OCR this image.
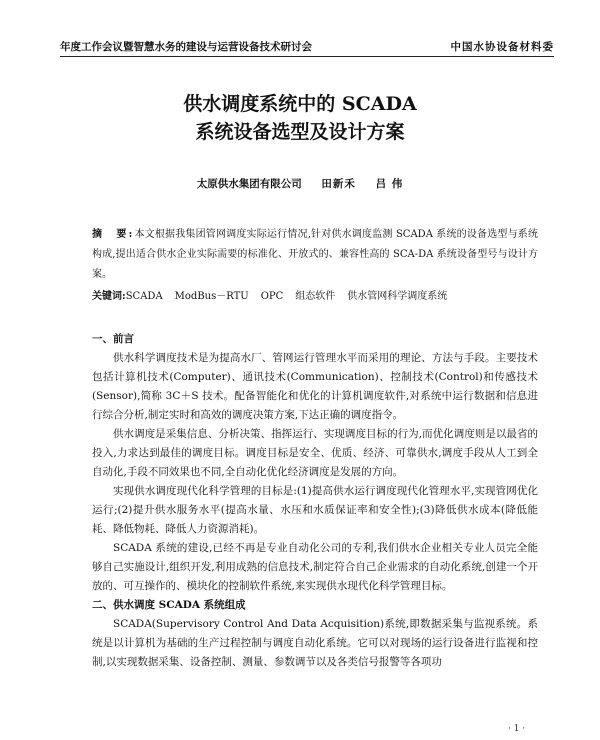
年度工作会议暨智慧水务的建设与运营设备技术研讨会	中国水协设备材料委
供水调度系统中的 SCADA
系统设备选型及设计方案
太原供水集团有限公司 田新禾 吕 伟
摘　要:本文根据我集团管网调度实际运行情况,针对供水调度监测 SCADA 系统的设备选型与系统构成,提出适合供水企业实际需要的标准化、开放式的、兼容性高的 SCA-DA 系统设备型号与设计方案。
关键词:SCADA ModBus－RTU OPC 组态软件 供水管网科学调度系统

一、前言

供水科学调度技术是为提高水厂、管网运行管理水平而采用的理论、方法与手段。主要技术包括计算机技术(Computer)、通讯技术(Communication)、控制技术(Control)和传感技术(Sensor),简称 3C＋S 技术。配备智能化和优化的计算机调度软件,对系统中运行数据和信息进行综合分析,制定实时和高效的调度决策方案,下达正确的调度指令。

供水调度是采集信息、分析决策、指挥运行、实现调度目标的行为,而优化调度则是以最省的投入,力求达到最佳的调度目标。调度目标是安全、优质、经济、可靠供水,调度手段从人工到全自动化,手段不同效果也不同,全自动化优化经济调度是发展的方向。

实现供水调度现代化科学管理的目标是:(1)提高供水运行调度现代化管理水平,实现管网优化运行;(2)提升供水服务水平(提高水量、水压和水质保证率和安全性);(3)降低供水成本(降低能耗、降低物耗、降低人力资源消耗)。

SCADA 系统的建设,已经不再是专业自动化公司的专利,我们供水企业相关专业人员完全能够自己实施设计,组织开发,利用成熟的信息技术,制定符合自己企业需求的自动化系统,创建一个开放的、可互操作的、模块化的控制软件系统,来实现供水现代化科学管理目标。

二、供水调度 SCADA 系统组成

SCADA(Supervisory Control And Data Acquisition)系统,即数据采集与监视系统。系统是以计算机为基础的生产过程控制与调度自动化系统。它可以对现场的运行设备进行监视和控制,以实现数据采集、设备控制、测量、参数调节以及各类信号报警等各项功

· 1 ·
